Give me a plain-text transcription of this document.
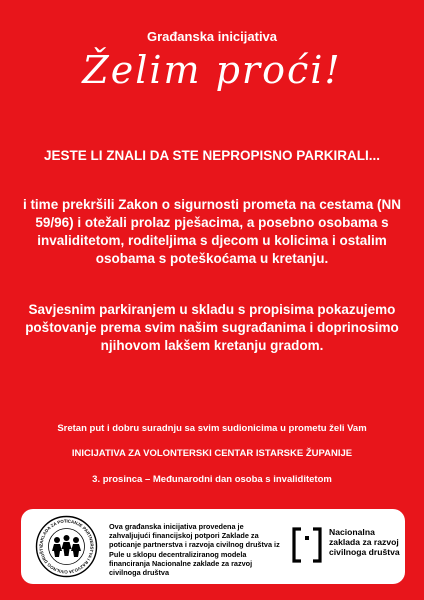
Građanska inicijativa
Želim proći!
JESTE LI ZNALI DA STE NEPROPISNO PARKIRALI...
i time prekršili Zakon o sigurnosti prometa na cestama (NN 59/96) i otežali prolaz pješacima, a posebno osobama s invaliditetom, roditeljima s djecom u kolicima i ostalim osobama s poteškoćama u kretanju.
Savjesnim parkiranjem u skladu s propisima pokazujemo poštovanje prema svim našim sugrađanima i doprinosimo njihovom lakšem kretanju gradom.
Sretan put i dobru suradnju sa svim sudionicima u prometu želi Vam
INICIJATIVA ZA VOLONTERSKI CENTAR ISTARSKE ŽUPANIJE
3. prosinca – Međunarodni dan osoba s invaliditetom
ZAKLADA ZA POTICANJE PARTNERSTVA I RAZVOJA CIVILNOG DRUŠTV
Ova građanska inicijativa provedena je zahvaljujući financijskoj potpori Zaklade za poticanje partnerstva i razvoja civilnog društva iz Pule u sklopu decentraliziranog modela financiranja Nacionalne zaklade za razvoj civilnoga društva
Nacionalna zaklada za razvoj civilnoga društva
